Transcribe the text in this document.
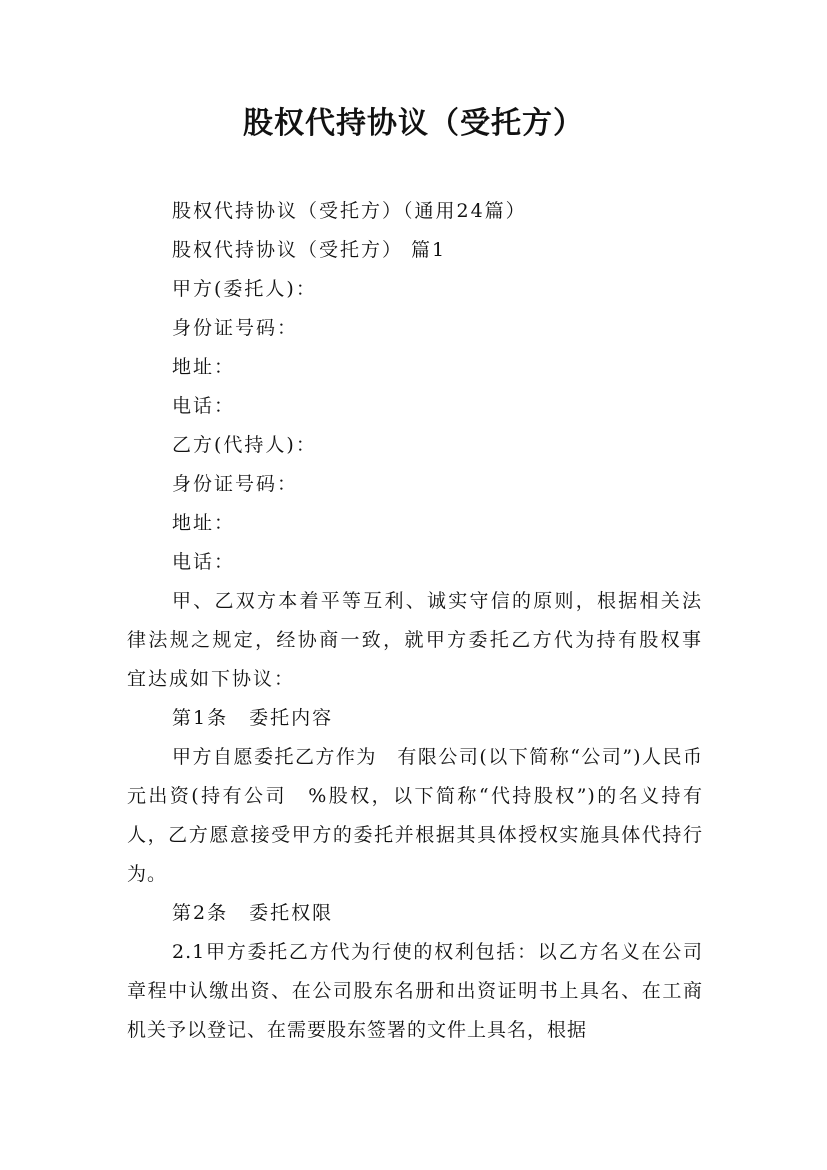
股权代持协议（受托方）

股权代持协议（受托方）（通用24篇）

股权代持协议（受托方） 篇1

甲方(委托人)：

身份证号码：

地址：

电话：

乙方(代持人)：

身份证号码：

地址：

电话：

甲、乙双方本着平等互利、诚实守信的原则，根据相关法律法规之规定，经协商一致，就甲方委托乙方代为持有股权事宜达成如下协议：

第1条　委托内容

甲方自愿委托乙方作为　有限公司(以下简称“公司”)人民币　元出资(持有公司　%股权，以下简称“代持股权”)的名义持有人，乙方愿意接受甲方的委托并根据其具体授权实施具体代持行为。

第2条　委托权限

2.1甲方委托乙方代为行使的权利包括：以乙方名义在公司章程中认缴出资、在公司股东名册和出资证明书上具名、在工商机关予以登记、在需要股东签署的文件上具名，根据
